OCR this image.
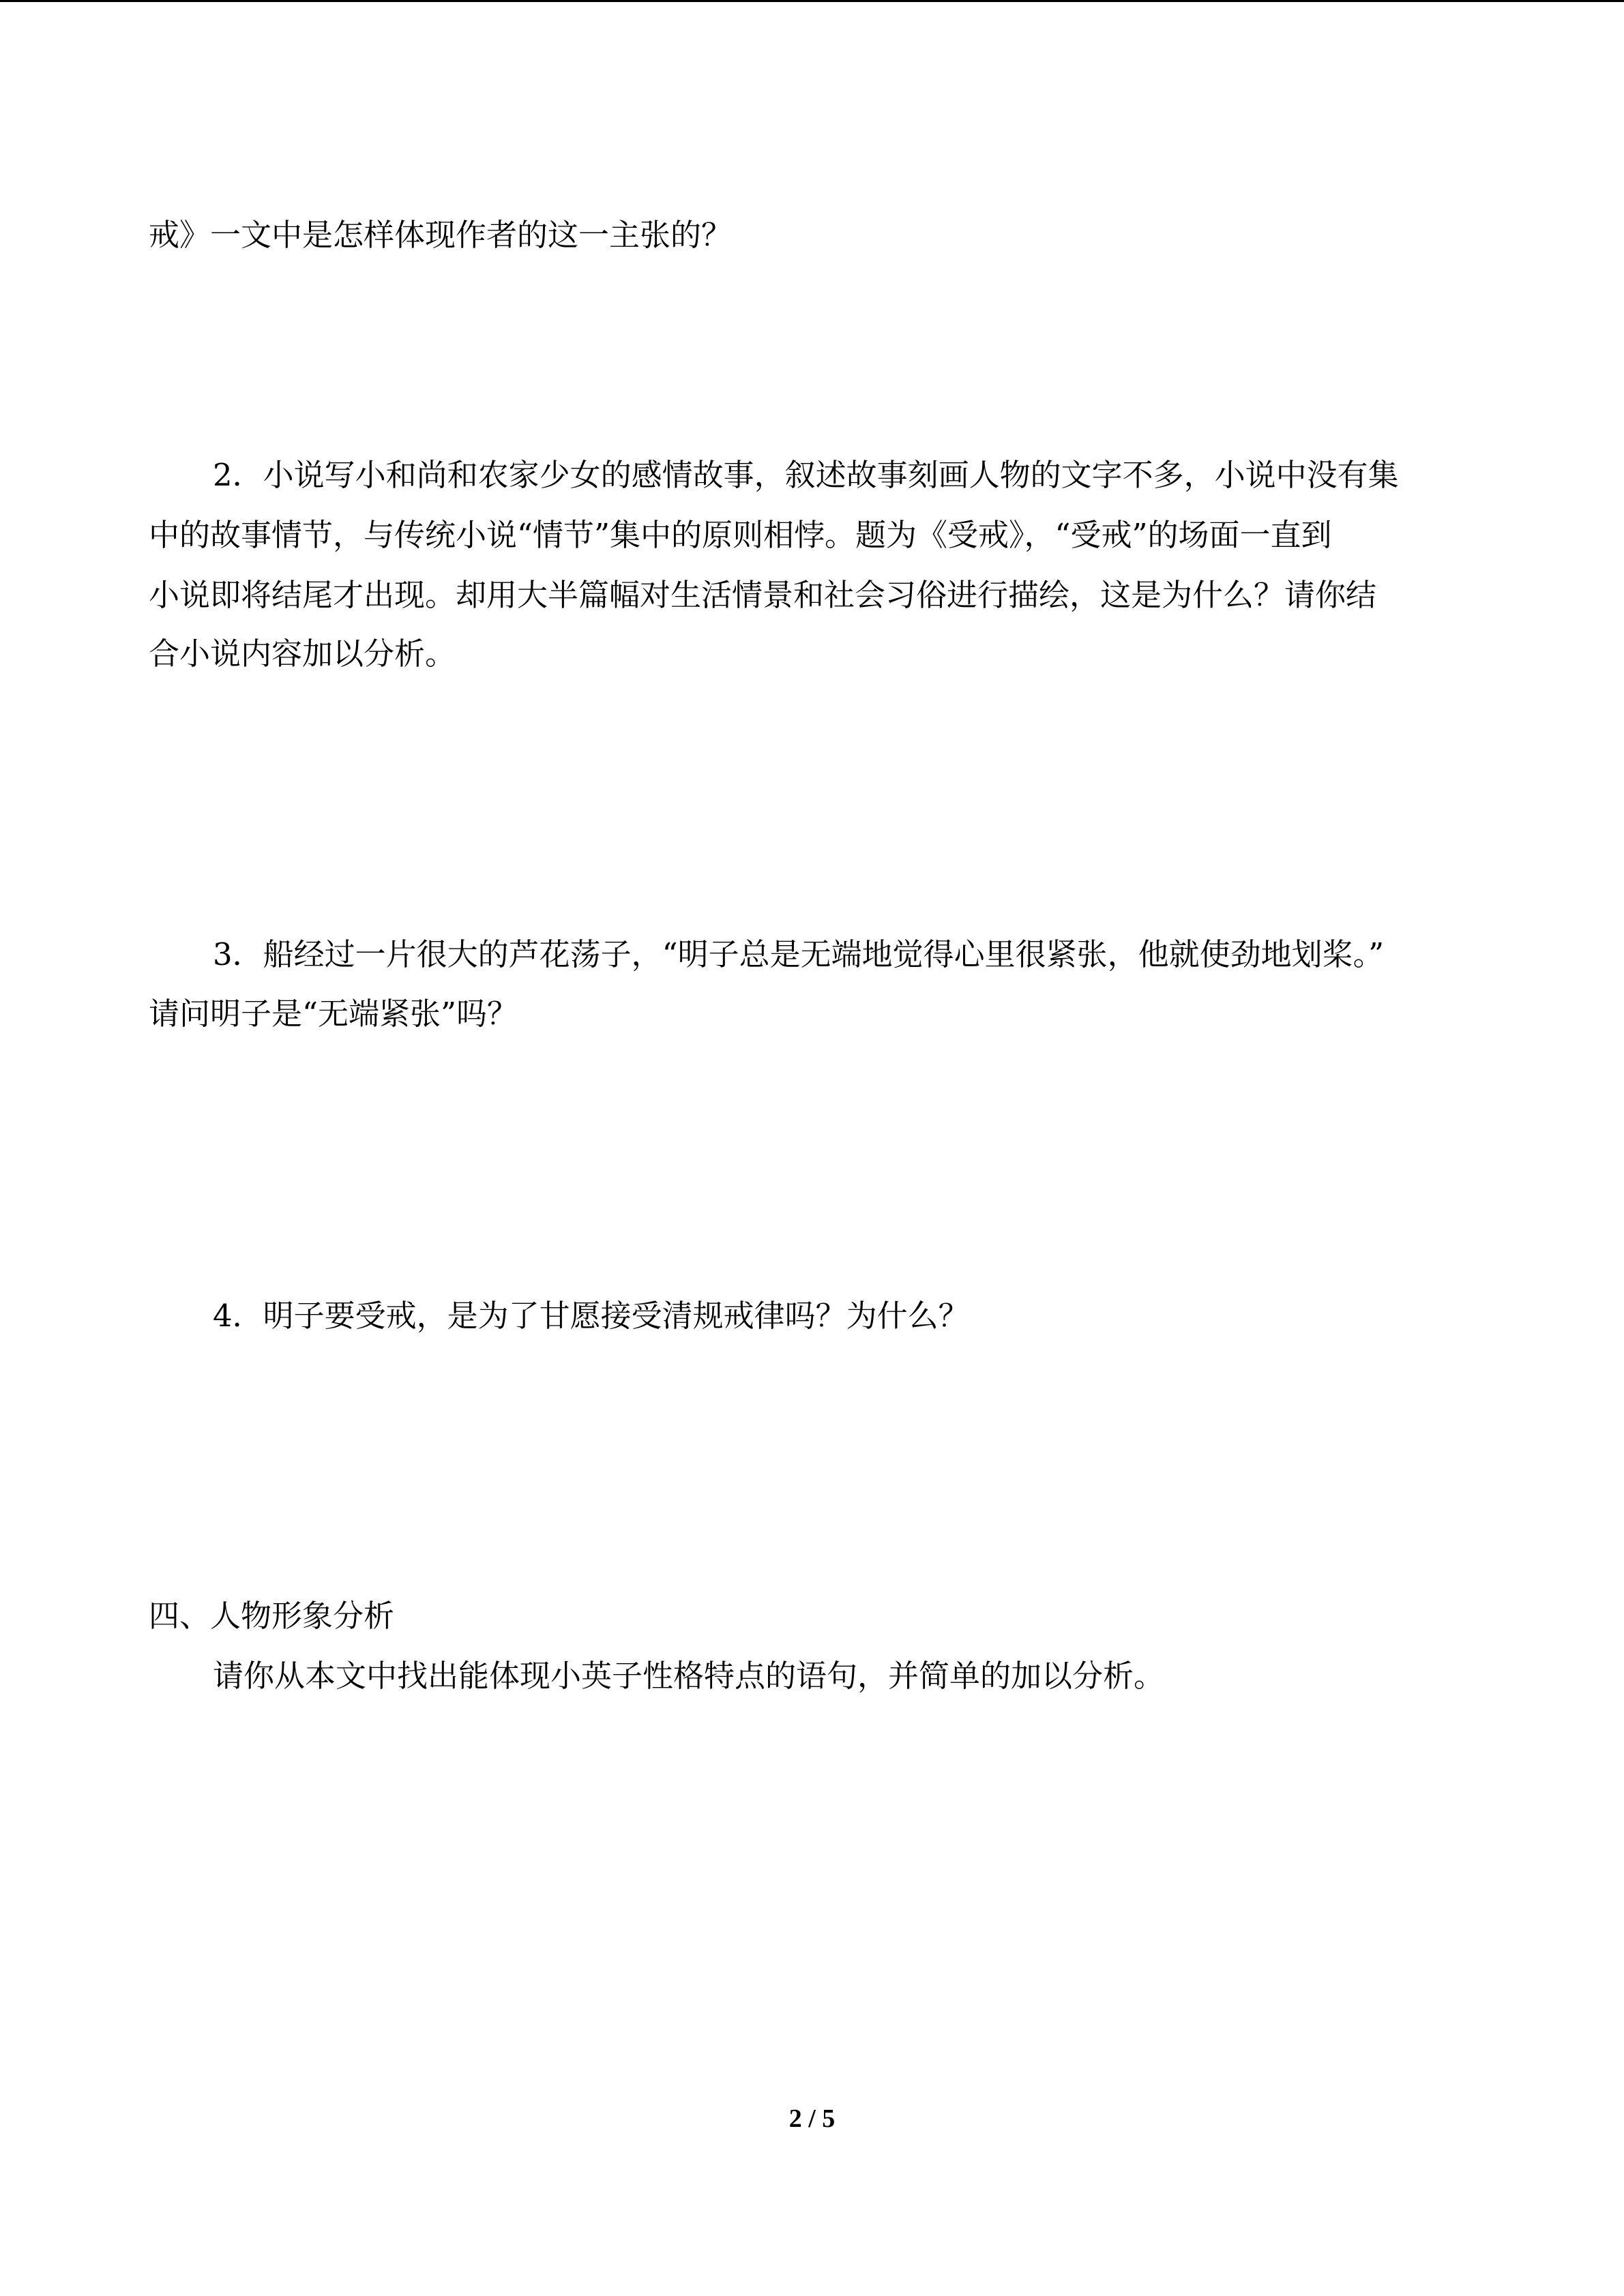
戒》一文中是怎样体现作者的这一主张的？
2．小说写小和尚和农家少女的感情故事，叙述故事刻画人物的文字不多，小说中没有集
中的故事情节，与传统小说“情节”集中的原则相悖。题为《受戒》，“受戒”的场面一直到
小说即将结尾才出现。却用大半篇幅对生活情景和社会习俗进行描绘，这是为什么？请你结
合小说内容加以分析。
3．船经过一片很大的芦花荡子，“明子总是无端地觉得心里很紧张，他就使劲地划桨。”
请问明子是“无端紧张”吗？
4．明子要受戒，是为了甘愿接受清规戒律吗？为什么？
四、人物形象分析
请你从本文中找出能体现小英子性格特点的语句，并简单的加以分析。
2 / 5
